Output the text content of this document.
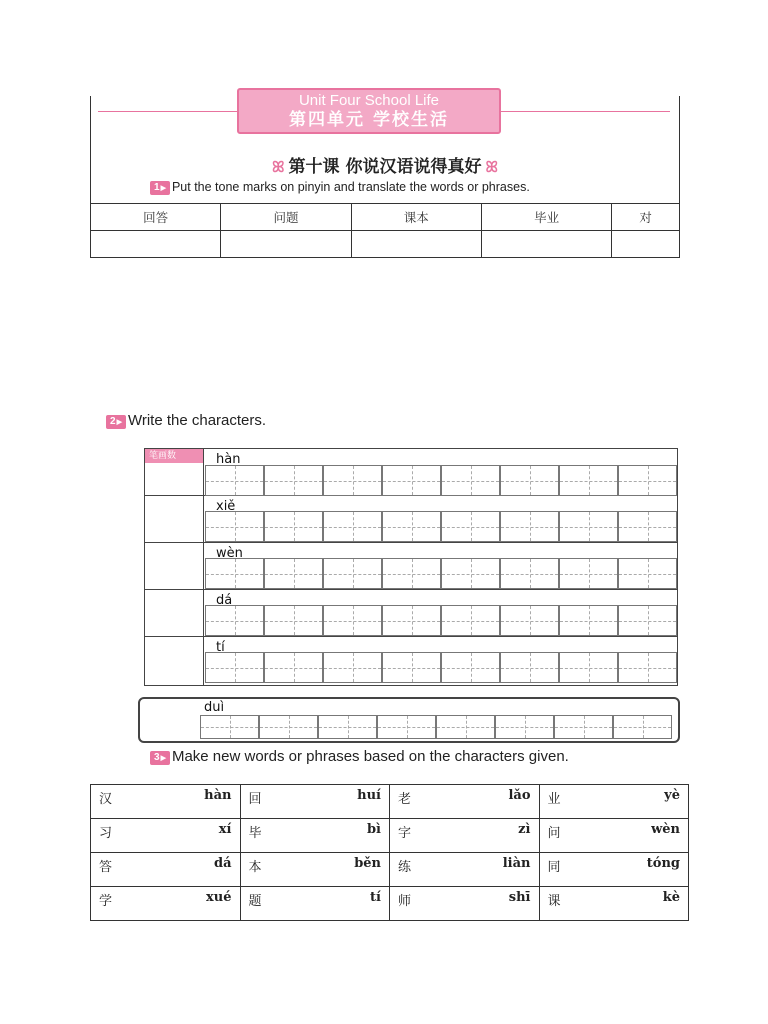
Unit Four School Life
第四单元 学校生活
ꕤ 第十课 你说汉语说得真好 ꕤ
1 ▶ Put the tone marks on pinyin and translate the words or phrases.
回答	问题	课本	毕业	对

2 ▶ Write the characters.
笔画数	hàn
xiě
wèn
dá
tí
duì
3 ▶ Make new words or phrases based on the characters given.
汉 hàn	回 huí	老 lǎo	业 yè

习 xí	毕 bì	字 zì	问 wèn

答 dá	本 běn	练 liàn	同 tóng

学 xué	题 tí	师 shī	课 kè
